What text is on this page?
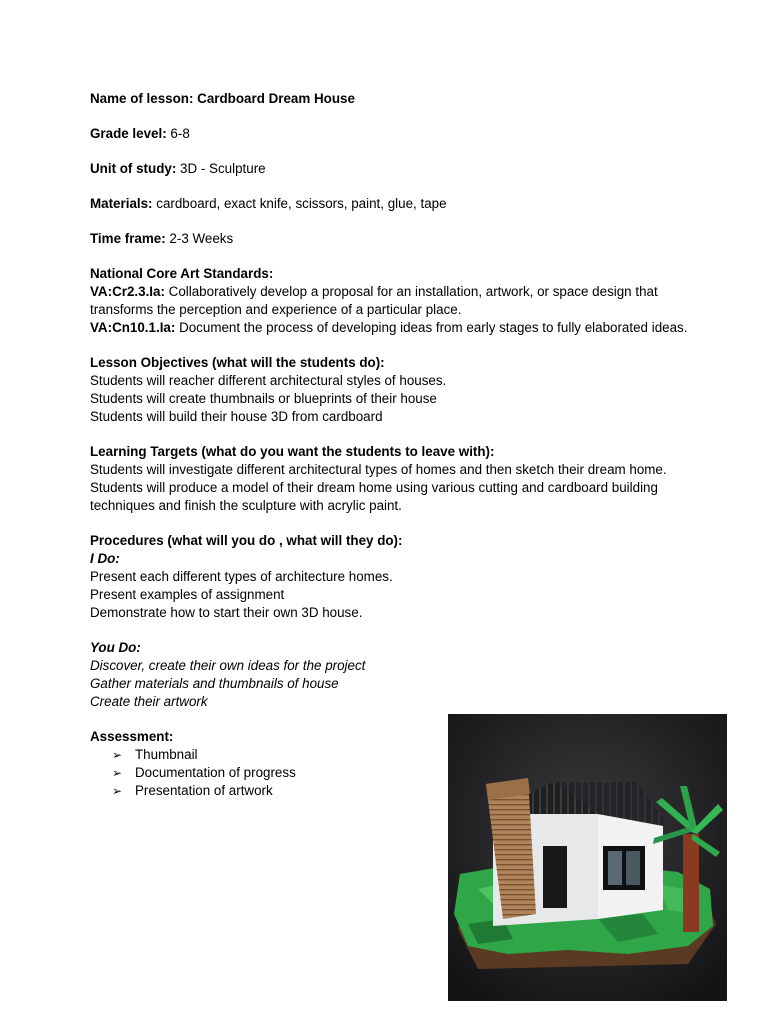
Name of lesson: Cardboard Dream House
Grade level: 6-8
Unit of study: 3D - Sculpture
Materials: cardboard, exact knife, scissors, paint, glue, tape
Time frame: 2-3 Weeks
National Core Art Standards:
VA:Cr2.3.Ia: Collaboratively develop a proposal for an installation, artwork, or space design that transforms the perception and experience of a particular place.
VA:Cn10.1.Ia: Document the process of developing ideas from early stages to fully elaborated ideas.
Lesson Objectives (what will the students do):
Students will reacher different architectural styles of houses.
Students will create thumbnails or blueprints of their house
Students will build their house 3D from cardboard
Learning Targets (what do you want the students to leave with):
Students will investigate different architectural types of homes and then sketch their dream home. Students will produce a model of their dream home using various cutting and cardboard building techniques and finish the sculpture with acrylic paint.
Procedures (what will you do , what will they do):
I Do:
Present each different types of architecture homes.
Present examples of assignment
Demonstrate how to start their own 3D house.
You Do:
Discover, create their own ideas for the project
Gather materials and thumbnails of house
Create their artwork
Assessment:
➢ Thumbnail
➢ Documentation of progress
➢ Presentation of artwork
